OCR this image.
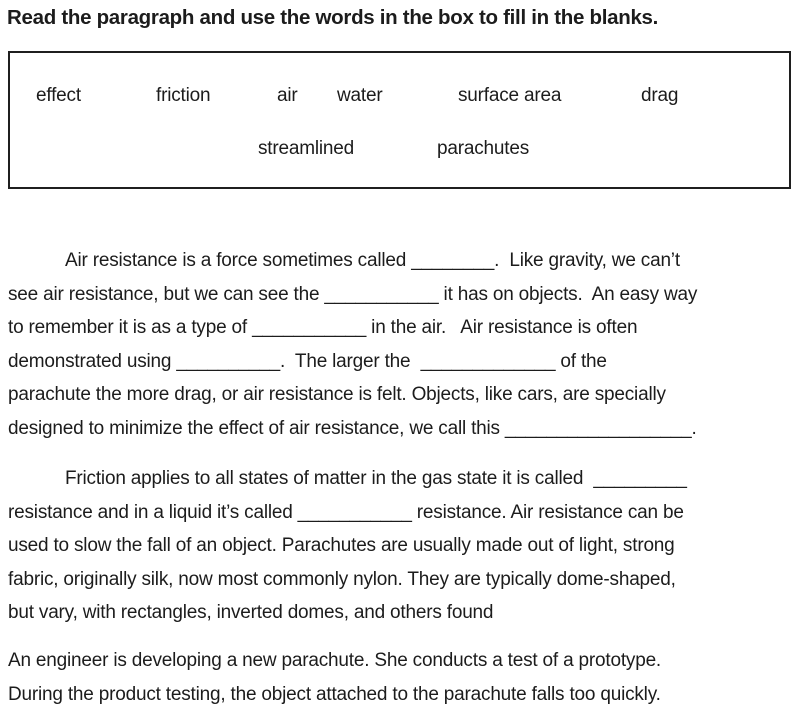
Read the paragraph and use the words in the box to fill in the blanks.
effect	friction	air water	surface area	drag
streamlined	parachutes
Air resistance is a force sometimes called ________.  Like gravity, we can’t
see air resistance, but we can see the ___________ it has on objects.  An easy way
to remember it is as a type of ___________ in the air.   Air resistance is often
demonstrated using __________.  The larger the  _____________ of the
parachute the more drag, or air resistance is felt. Objects, like cars, are specially
designed to minimize the effect of air resistance, we call this __________________.
Friction applies to all states of matter in the gas state it is called  _________
resistance and in a liquid it’s called ___________ resistance. Air resistance can be
used to slow the fall of an object. Parachutes are usually made out of light, strong
fabric, originally silk, now most commonly nylon. They are typically dome-shaped,
but vary, with rectangles, inverted domes, and others found
An engineer is developing a new parachute. She conducts a test of a prototype.
During the product testing, the object attached to the parachute falls too quickly.
